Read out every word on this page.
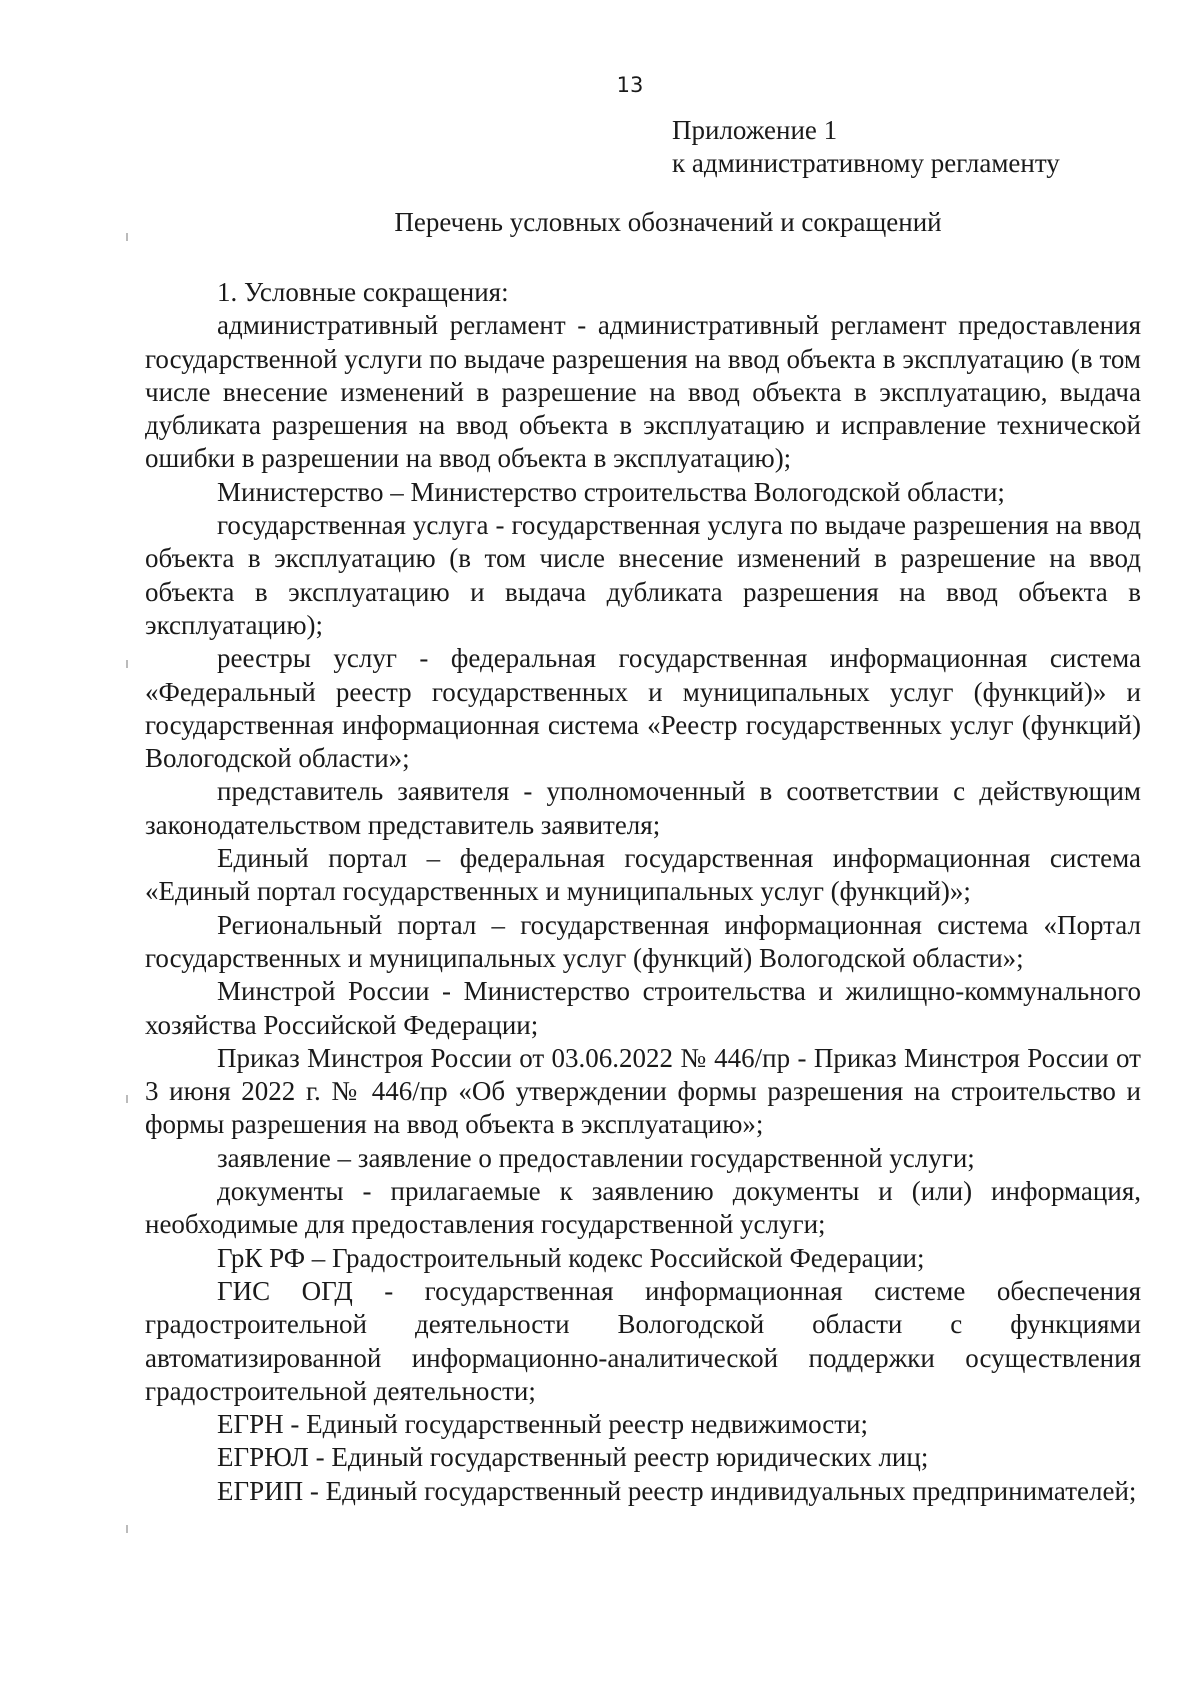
13
Приложение 1
к административному регламенту
Перечень условных обозначений и сокращений
1. Условные сокращения:
административный регламент - административный регламент предоставления государственной услуги по выдаче разрешения на ввод объекта в эксплуатацию (в том числе внесение изменений в разрешение на ввод объекта в эксплуатацию, выдача дубликата разрешения на ввод объекта в эксплуатацию и исправление технической ошибки в разрешении на ввод объекта в эксплуатацию);
Министерство – Министерство строительства Вологодской области;
государственная услуга - государственная услуга по выдаче разрешения на ввод объекта в эксплуатацию (в том числе внесение изменений в разрешение на ввод объекта в эксплуатацию и выдача дубликата разрешения на ввод объекта в эксплуатацию);
реестры услуг - федеральная государственная информационная система «Федеральный реестр государственных и муниципальных услуг (функций)» и государственная информационная система «Реестр государственных услуг (функций) Вологодской области»;
представитель заявителя - уполномоченный в соответствии с действующим законодательством представитель заявителя;
Единый портал – федеральная государственная информационная система «Единый портал государственных и муниципальных услуг (функций)»;
Региональный портал – государственная информационная система «Портал государственных и муниципальных услуг (функций) Вологодской области»;
Минстрой России - Министерство строительства и жилищно-коммунального хозяйства Российской Федерации;
Приказ Минстроя России от 03.06.2022 № 446/пр - Приказ Минстроя России от 3 июня 2022 г. № 446/пр «Об утверждении формы разрешения на строительство и формы разрешения на ввод объекта в эксплуатацию»;
заявление – заявление о предоставлении государственной услуги;
документы - прилагаемые к заявлению документы и (или) информация, необходимые для предоставления государственной услуги;
ГрК РФ – Градостроительный кодекс Российской Федерации;
ГИС ОГД - государственная информационная системе обеспечения градостроительной деятельности Вологодской области с функциями автоматизированной информационно-аналитической поддержки осуществления градостроительной деятельности;
ЕГРН - Единый государственный реестр недвижимости;
ЕГРЮЛ - Единый государственный реестр юридических лиц;
ЕГРИП - Единый государственный реестр индивидуальных предпринимателей;
